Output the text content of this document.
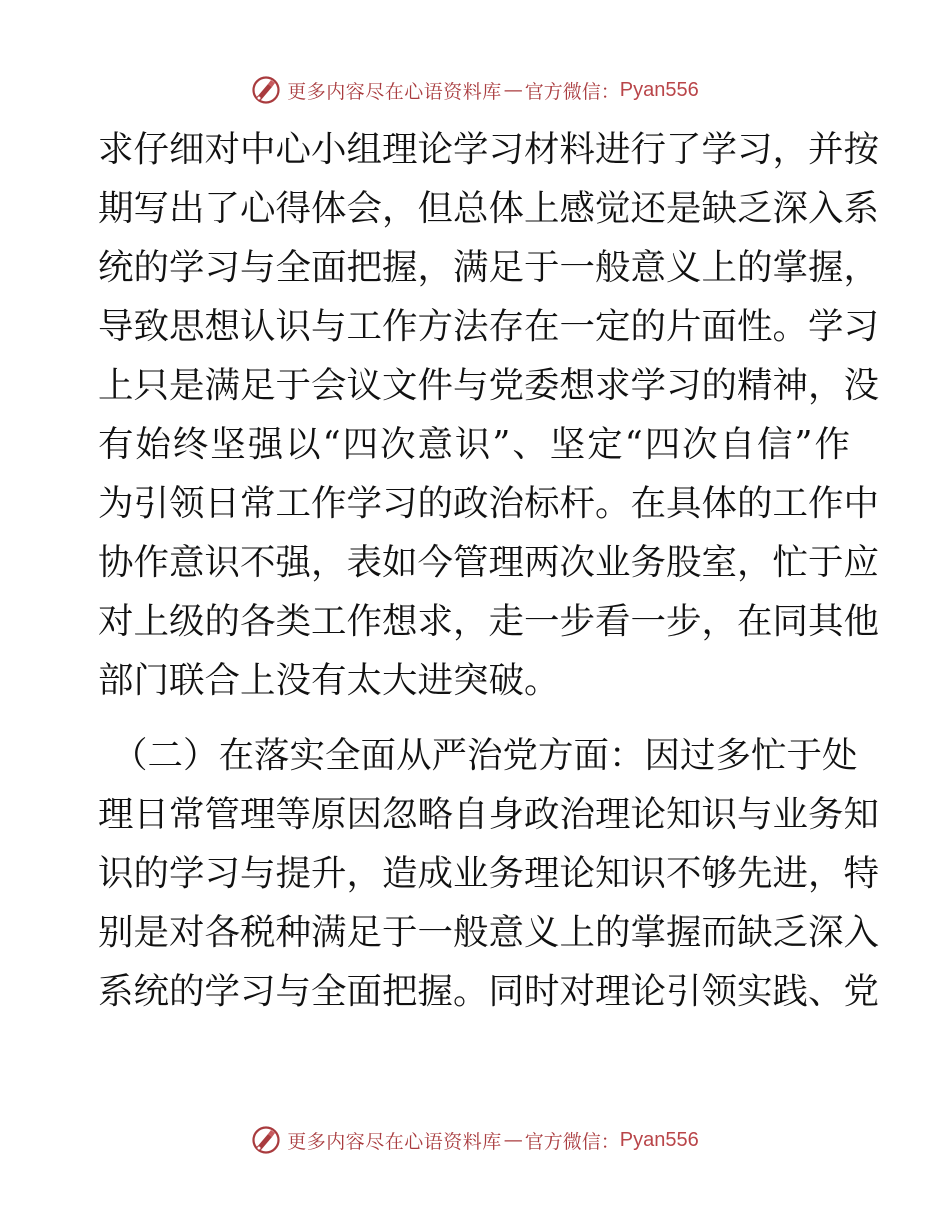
更多内容尽在心语资料库 — 官方微信： Pyan556
求仔细对中心小组理论学习材料进行了学习，并按
期写出了心得体会，但总体上感觉还是缺乏深入系
统的学习与全面把握，满足于一般意义上的掌握，
导致思想认识与工作方法存在一定的片面性。学习
上只是满足于会议文件与党委想求学习的精神，没
有始终坚强以“四次意识”、坚定“四次自信”作
为引领日常工作学习的政治标杆。在具体的工作中
协作意识不强，表如今管理两次业务股室，忙于应
对上级的各类工作想求，走一步看一步，在同其他
部门联合上没有太大进突破。
（二）在落实全面从严治党方面：因过多忙于处
理日常管理等原因忽略自身政治理论知识与业务知
识的学习与提升，造成业务理论知识不够先进，特
别是对各税种满足于一般意义上的掌握而缺乏深入
系统的学习与全面把握。同时对理论引领实践、党
更多内容尽在心语资料库 — 官方微信： Pyan556
